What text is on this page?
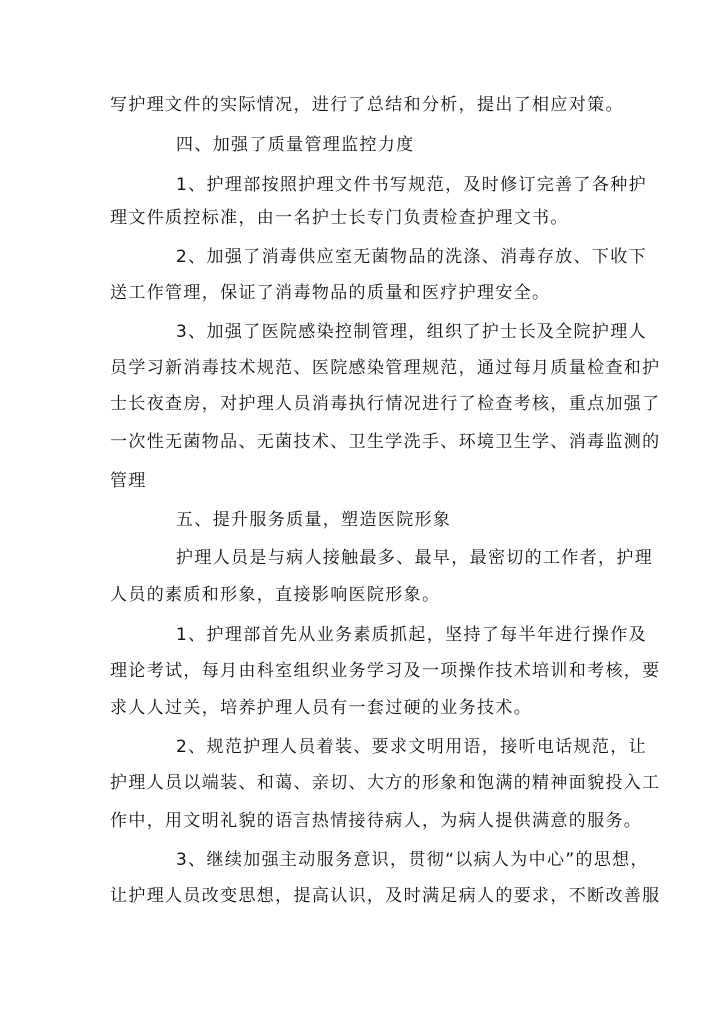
写护理文件的实际情况，进行了总结和分析，提出了相应对策。

四、加强了质量管理监控力度

1、护理部按照护理文件书写规范，及时修订完善了各种护

理文件质控标准，由一名护士长专门负责检查护理文书。

2、加强了消毒供应室无菌物品的洗涤、消毒存放、下收下

送工作管理，保证了消毒物品的质量和医疗护理安全。

3、加强了医院感染控制管理，组织了护士长及全院护理人

员学习新消毒技术规范、医院感染管理规范，通过每月质量检查和护

士长夜查房，对护理人员消毒执行情况进行了检查考核，重点加强了

一次性无菌物品、无菌技术、卫生学洗手、环境卫生学、消毒监测的

管理

五、提升服务质量，塑造医院形象

护理人员是与病人接触最多、最早，最密切的工作者，护理

人员的素质和形象，直接影响医院形象。

1、护理部首先从业务素质抓起，坚持了每半年进行操作及

理论考试，每月由科室组织业务学习及一项操作技术培训和考核，要

求人人过关，培养护理人员有一套过硬的业务技术。

2、规范护理人员着装、要求文明用语，接听电话规范，让

护理人员以端装、和蔼、亲切、大方的形象和饱满的精神面貌投入工

作中，用文明礼貌的语言热情接待病人，为病人提供满意的服务。

3、继续加强主动服务意识，贯彻“以病人为中心”的思想，

让护理人员改变思想，提高认识，及时满足病人的要求，不断改善服
